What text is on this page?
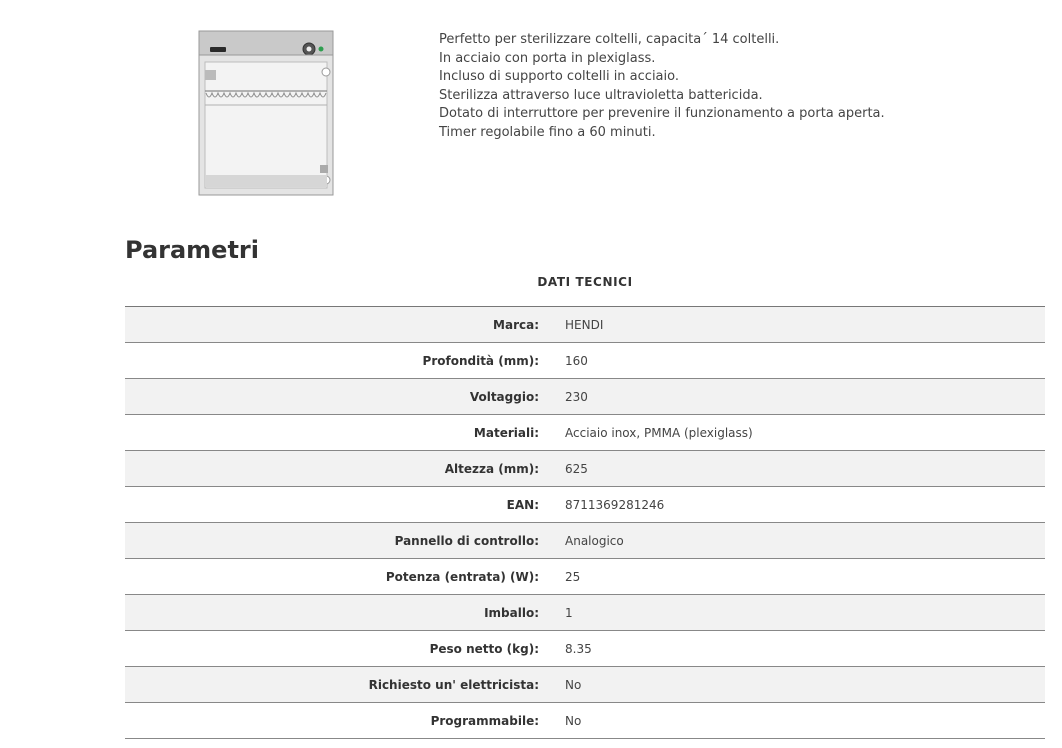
Perfetto per sterilizzare coltelli, capacita´ 14 coltelli.
In acciaio con porta in plexiglass.
Incluso di supporto coltelli in acciaio.
Sterilizza attraverso luce ultravioletta battericida.
Dotato di interruttore per prevenire il funzionamento a porta aperta.
Timer regolabile fino a 60 minuti.
Parametri
DATI TECNICI
Marca:	HENDI
Profondità (mm):	160
Voltaggio:	230
Materiali:	Acciaio inox, PMMA (plexiglass)
Altezza (mm):	625
EAN:	8711369281246
Pannello di controllo:	Analogico
Potenza (entrata) (W):	25
Imballo:	1
Peso netto (kg):	8.35
Richiesto un' elettricista:	No
Programmabile:	No
